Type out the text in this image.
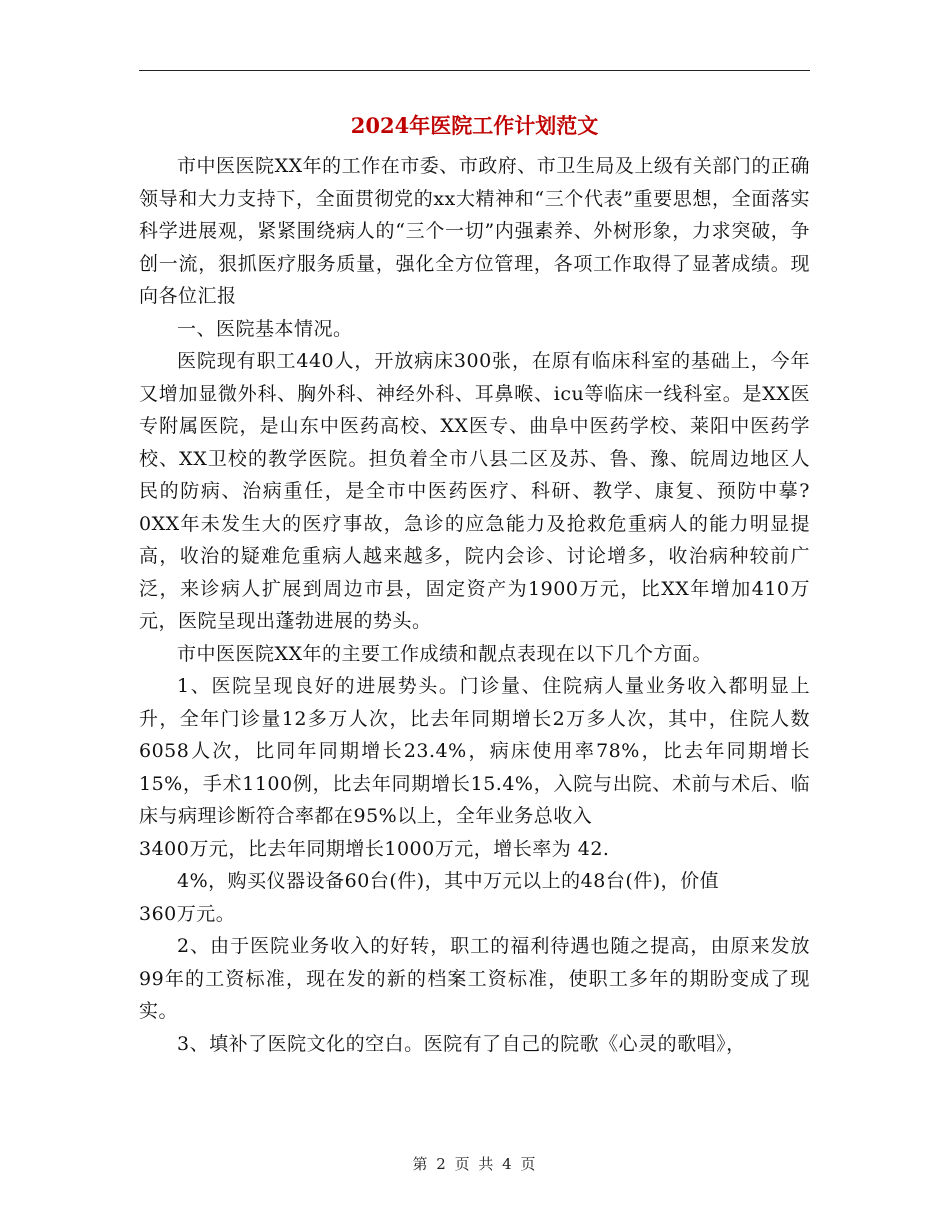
2024年医院工作计划范文

市中医医院XX年的工作在市委、市政府、市卫生局及上级有关部门的正确领导和大力支持下，全面贯彻党的xx大精神和“三个代表”重要思想，全面落实科学进展观，紧紧围绕病人的“三个一切”内强素养、外树形象，力求突破，争创一流，狠抓医疗服务质量，强化全方位管理，各项工作取得了显著成绩。现向各位汇报

一、医院基本情况。

医院现有职工440人，开放病床300张，在原有临床科室的基础上，今年又增加显微外科、胸外科、神经外科、耳鼻喉、icu等临床一线科室。是XX医专附属医院，是山东中医药高校、XX医专、曲阜中医药学校、莱阳中医药学校、XX卫校的教学医院。担负着全市八县二区及苏、鲁、豫、皖周边地区人民的防病、治病重任，是全市中医药医疗、科研、教学、康复、预防中摹?0XX年未发生大的医疗事故，急诊的应急能力及抢救危重病人的能力明显提高，收治的疑难危重病人越来越多，院内会诊、讨论增多，收治病种较前广泛，来诊病人扩展到周边市县，固定资产为1900万元，比XX年增加410万元，医院呈现出蓬勃进展的势头。

市中医医院XX年的主要工作成绩和靓点表现在以下几个方面。

1、医院呈现良好的进展势头。门诊量、住院病人量业务收入都明显上升，全年门诊量12多万人次，比去年同期增长2万多人次，其中，住院人数6058人次，比同年同期增长23.4%，病床使用率78%，比去年同期增长15%，手术1100例，比去年同期增长15.4%，入院与出院、术前与术后、临床与病理诊断符合率都在95%以上，全年业务总收入

3400万元，比去年同期增长1000万元，增长率为 42.

4%，购买仪器设备60台(件)，其中万元以上的48台(件)，价值

360万元。

2、由于医院业务收入的好转，职工的福利待遇也随之提高，由原来发放99年的工资标准，现在发的新的档案工资标准，使职工多年的期盼变成了现实。

3、填补了医院文化的空白。医院有了自己的院歌《心灵的歌唱》，

第 2 页 共 4 页
